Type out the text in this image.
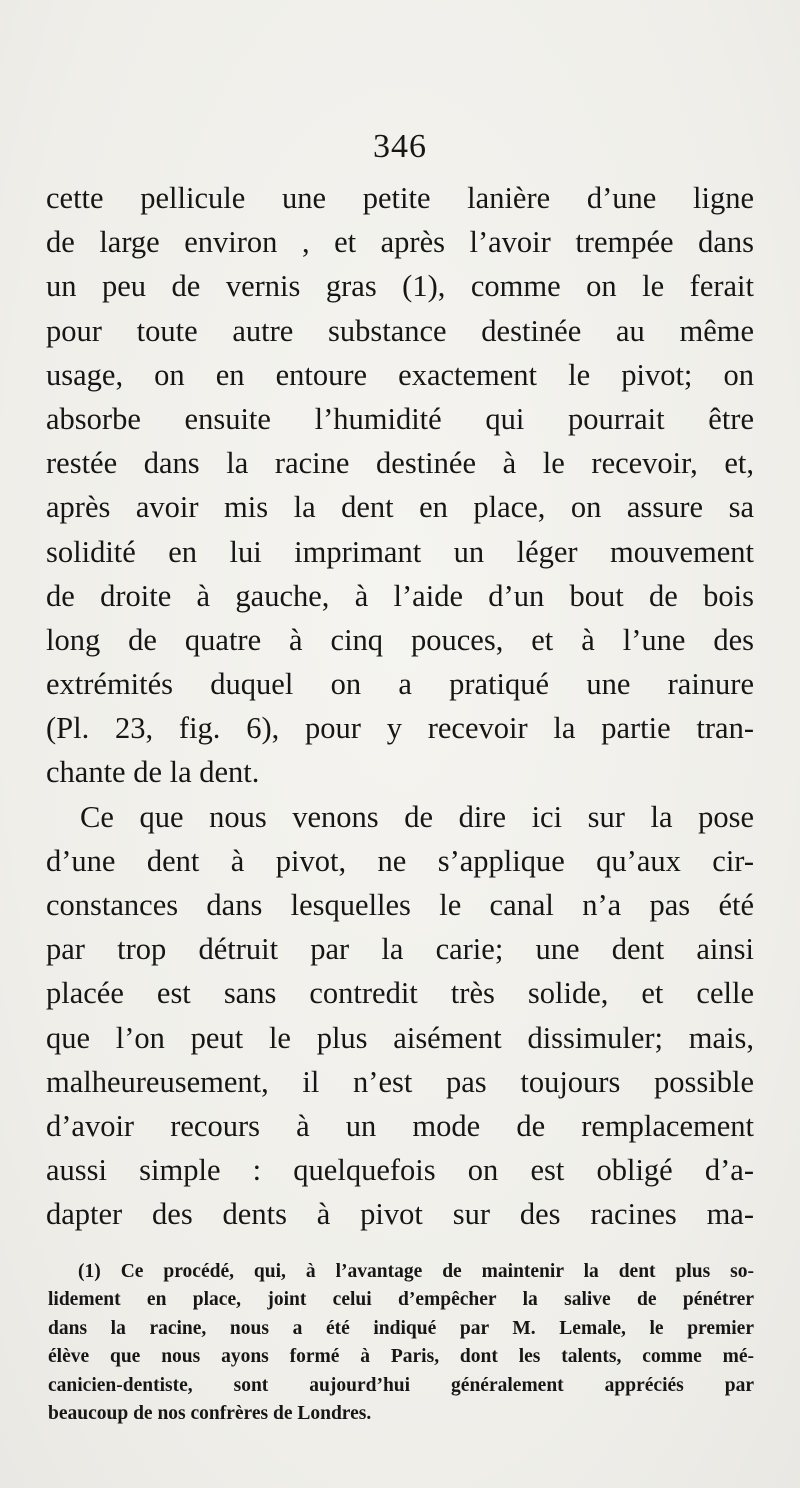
346
cette pellicule une petite lanière d’une ligne
de large environ , et après l’avoir trempée dans
un peu de vernis gras (1), comme on le ferait
pour toute autre substance destinée au même
usage, on en entoure exactement le pivot; on
absorbe ensuite l’humidité qui pourrait être
restée dans la racine destinée à le recevoir, et,
après avoir mis la dent en place, on assure sa
solidité en lui imprimant un léger mouvement
de droite à gauche, à l’aide d’un bout de bois
long de quatre à cinq pouces, et à l’une des
extrémités duquel on a pratiqué une rainure
(Pl. 23, fig. 6), pour y recevoir la partie tran-
chante de la dent.
Ce que nous venons de dire ici sur la pose
d’une dent à pivot, ne s’applique qu’aux cir-
constances dans lesquelles le canal n’a pas été
par trop détruit par la carie; une dent ainsi
placée est sans contredit très solide, et celle
que l’on peut le plus aisément dissimuler; mais,
malheureusement, il n’est pas toujours possible
d’avoir recours à un mode de remplacement
aussi simple : quelquefois on est obligé d’a-
dapter des dents à pivot sur des racines ma-
(1) Ce procédé, qui, à l’avantage de maintenir la dent plus so-
lidement en place, joint celui d’empêcher la salive de pénétrer
dans la racine, nous a été indiqué par M. Lemale, le premier
élève que nous ayons formé à Paris, dont les talents, comme mé-
canicien-dentiste, sont aujourd’hui généralement appréciés par
beaucoup de nos confrères de Londres.
